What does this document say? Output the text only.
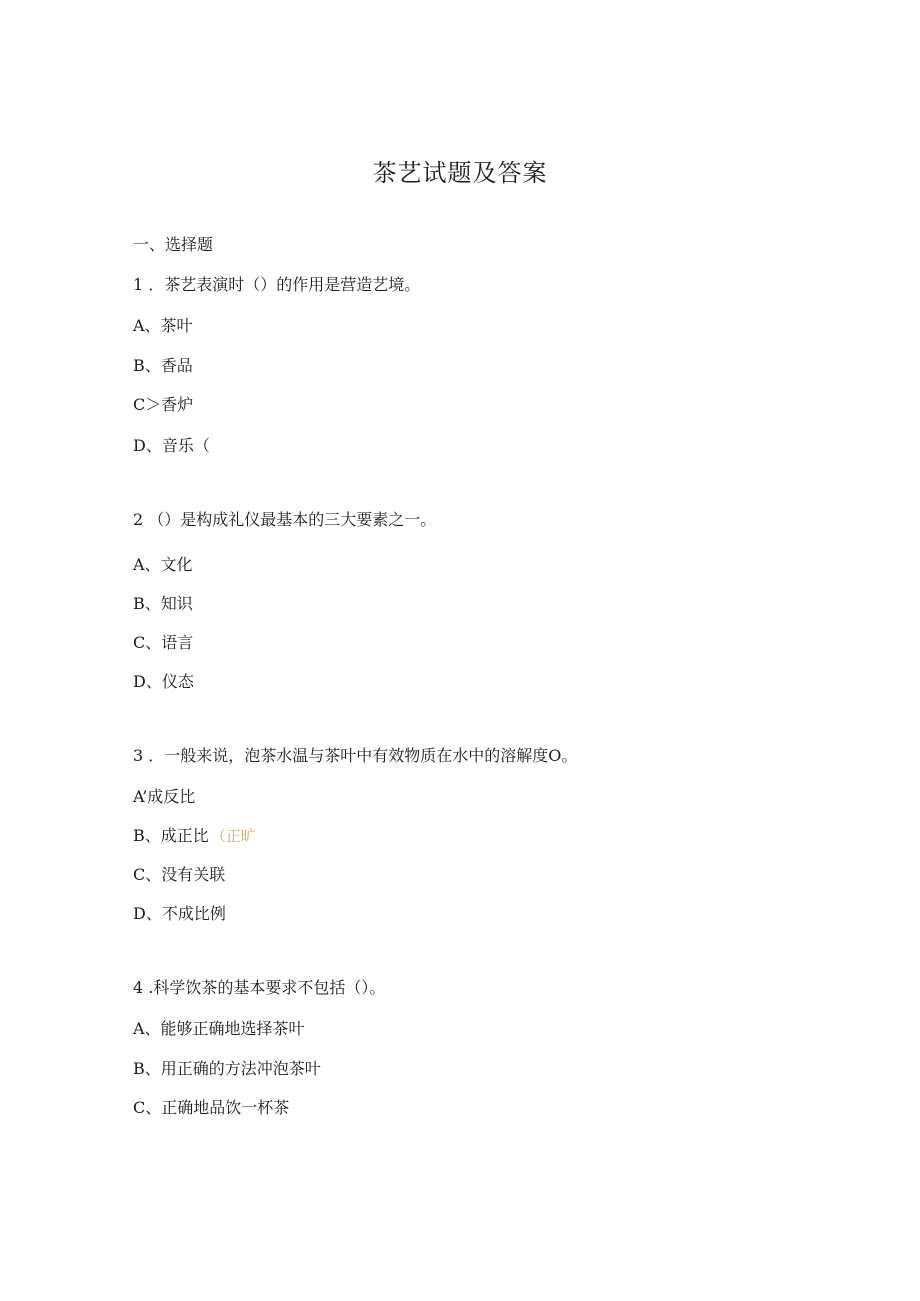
茶艺试题及答案
一、选择题
1 ．茶艺表演时（）的作用是营造艺境。
A、茶叶
B、香品
C＞香炉
D、音乐（
2 （）是构成礼仪最基本的三大要素之一。
A、文化
B、知识
C、语言
D、仪态
3 ．一般来说，泡茶水温与茶叶中有效物质在水中的溶解度O。
A’成反比
B、成正比 （正旷
C、没有关联
D、不成比例
4 .科学饮茶的基本要求不包括（）。
A、能够正确地选择茶叶
B、用正确的方法冲泡茶叶
C、正确地品饮一杯茶
